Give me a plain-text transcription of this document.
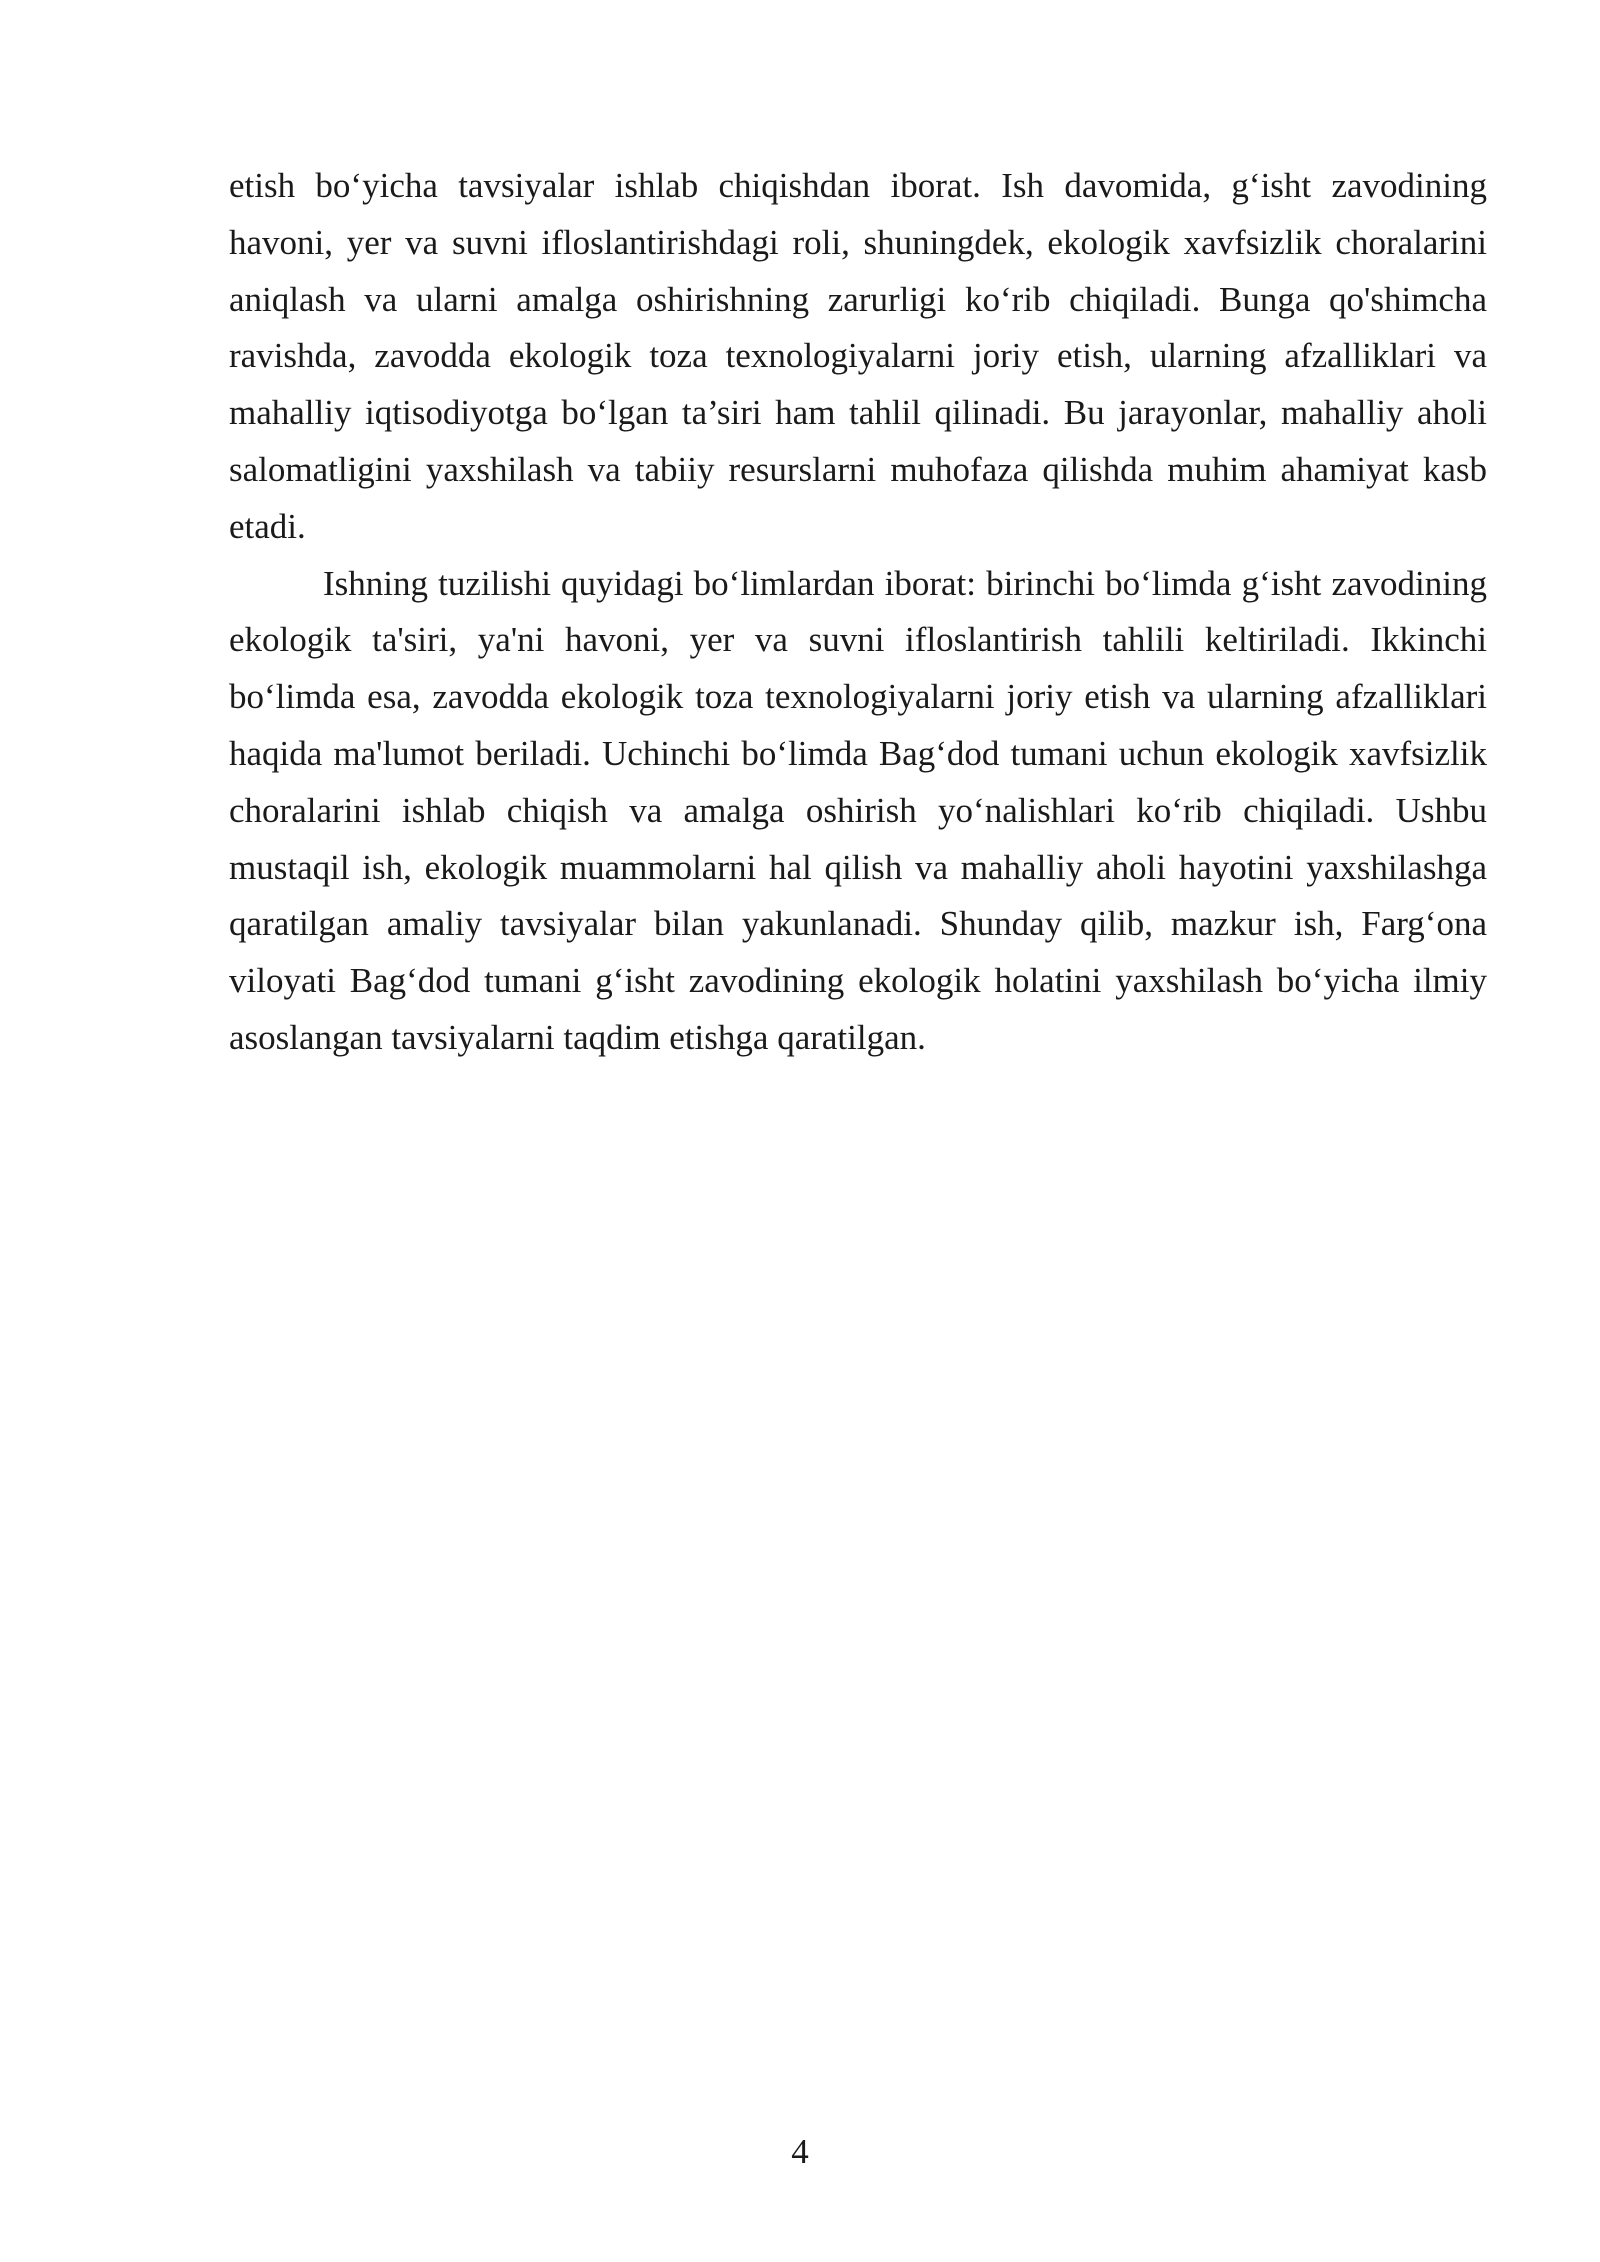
etish bo‘yicha tavsiyalar ishlab chiqishdan iborat. Ish davomida, g‘isht zavodining havoni, yer va suvni ifloslantirishdagi roli, shuningdek, ekologik xavfsizlik choralarini aniqlash va ularni amalga oshirishning zarurligi ko‘rib chiqiladi. Bunga qo'shimcha ravishda, zavodda ekologik toza texnologiyalarni joriy etish, ularning afzalliklari va mahalliy iqtisodiyotga bo‘lgan ta’siri ham tahlil qilinadi. Bu jarayonlar, mahalliy aholi salomatligini yaxshilash va tabiiy resurslarni muhofaza qilishda muhim ahamiyat kasb etadi.

Ishning tuzilishi quyidagi bo‘limlardan iborat: birinchi bo‘limda g‘isht zavodining ekologik ta'siri, ya'ni havoni, yer va suvni ifloslantirish tahlili keltiriladi. Ikkinchi bo‘limda esa, zavodda ekologik toza texnologiyalarni joriy etish va ularning afzalliklari haqida ma'lumot beriladi. Uchinchi bo‘limda Bag‘dod tumani uchun ekologik xavfsizlik choralarini ishlab chiqish va amalga oshirish yo‘nalishlari ko‘rib chiqiladi. Ushbu mustaqil ish, ekologik muammolarni hal qilish va mahalliy aholi hayotini yaxshilashga qaratilgan amaliy tavsiyalar bilan yakunlanadi. Shunday qilib, mazkur ish, Farg‘ona viloyati Bag‘dod tumani g‘isht zavodining ekologik holatini yaxshilash bo‘yicha ilmiy asoslangan tavsiyalarni taqdim etishga qaratilgan.

4
